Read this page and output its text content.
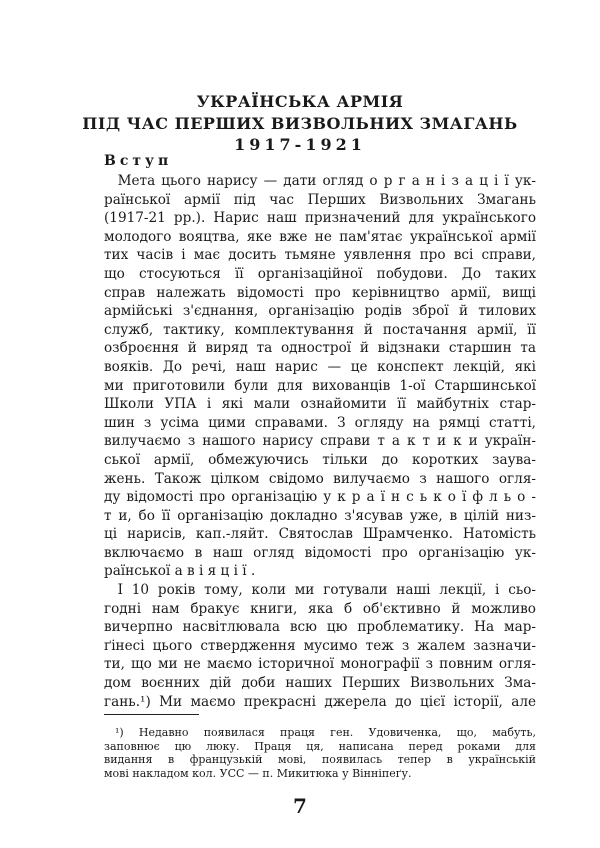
УКРАЇНСЬКА АРМІЯ
ПІД ЧАС ПЕРШИХ ВИЗВОЛЬНИХ ЗМАГАНЬ
1917-1921
Вступ
 Мета цього нарису — дати огляд о р г а н і з а ц і ї ук-
раїнської армії під час Перших Визвольних Змагань
(1917-21 рр.). Нарис наш призначений для українського
молодого вояцтва, яке вже не пам'ятає української армії
тих часів і має досить тьмяне уявлення про всі справи,
що стосуються її організаційної побудови. До таких
справ належать відомості про керівництво армії, вищі
армійські з'єднання, організацію родів зброї й тилових
служб, тактику, комплектування й постачання армії, її
озброєння й виряд та однострої й відзнаки старшин та
вояків. До речі, наш нарис — це конспект лекцій, які
ми приготовили були для вихованців 1-ої Старшинської
Школи УПА і які мали ознайомити її майбутніх стар-
шин з усіма цими справами. З огляду на рямці статті,
вилучаємо з нашого нарису справи т а к т и к и україн-
ської армії, обмежуючись тільки до коротких заува-
жень. Також цілком свідомо вилучаємо з нашого огля-
ду відомості про організацію у к р а ї н с ь к о ї ф л ь о -
т и, бо її організацію докладно з'ясував уже, в цілій низ-
ці нарисів, кап.-ляйт. Святослав Шрамченко. Натомість
включаємо в наш огляд відомості про організацію ук-
раїнської а в і я ц і ї .
 І 10 років тому, коли ми готували наші лекції, і сьо-
годні нам бракує книги, яка б об'єктивно й можливо
вичерпно насвітлювала всю цю проблематику. На мар-
ґінесі цього ствердження мусимо теж з жалем зазначи-
ти, що ми не маємо історичної монографії з повним огля-
дом воєнних дій доби наших Перших Визвольних Зма-
гань.¹) Ми маємо прекрасні джерела до цієї історії, але
 ¹) Недавно появилася праця ген. Удовиченка, що, мабуть,
заповнює цю люку. Праця ця, написана перед роками для
видання в французькій мові, появилась тепер в українській
мові накладом кол. УСС — п. Микитюка у Вінніпеґу.
7
